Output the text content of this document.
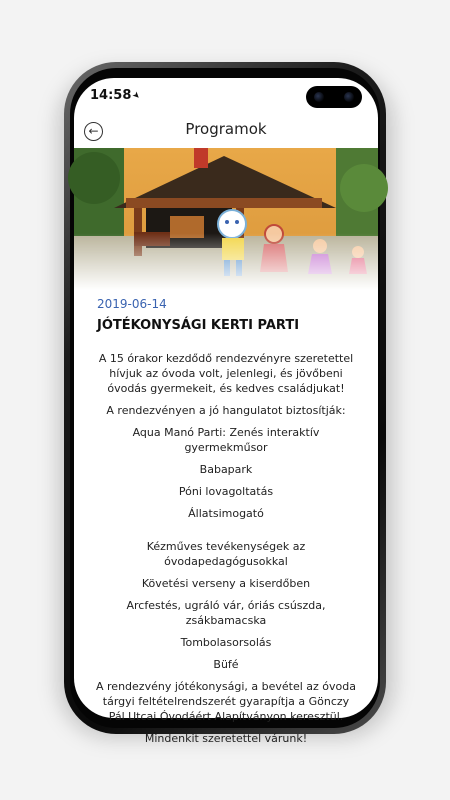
14:58
➤
Programok
←
2019-06-14
JÓTÉKONYSÁGI KERTI PARTI

A 15 órakor kezdődő rendezvényre szeretettel hívjuk az óvoda volt, jelenlegi, és jövőbeni óvodás gyermekeit, és kedves családjukat!

A rendezvényen a jó hangulatot biztosítják:

Aqua Manó Parti: Zenés interaktív gyermekműsor

Babapark

Póni lovagoltatás

Állatsimogató

Kézműves tevékenységek az óvodapedagógusokkal

Követési verseny a kiserdőben

Arcfestés, ugráló vár, óriás csúszda, zsákbamacska

Tombolasorsolás

Büfé

A rendezvény jótékonysági, a bevétel az óvoda tárgyi feltételrendszerét gyarapítja a Gönczy Pál Utcai Óvodáért Alapítványon keresztül.

Mindenkit szeretettel várunk!
